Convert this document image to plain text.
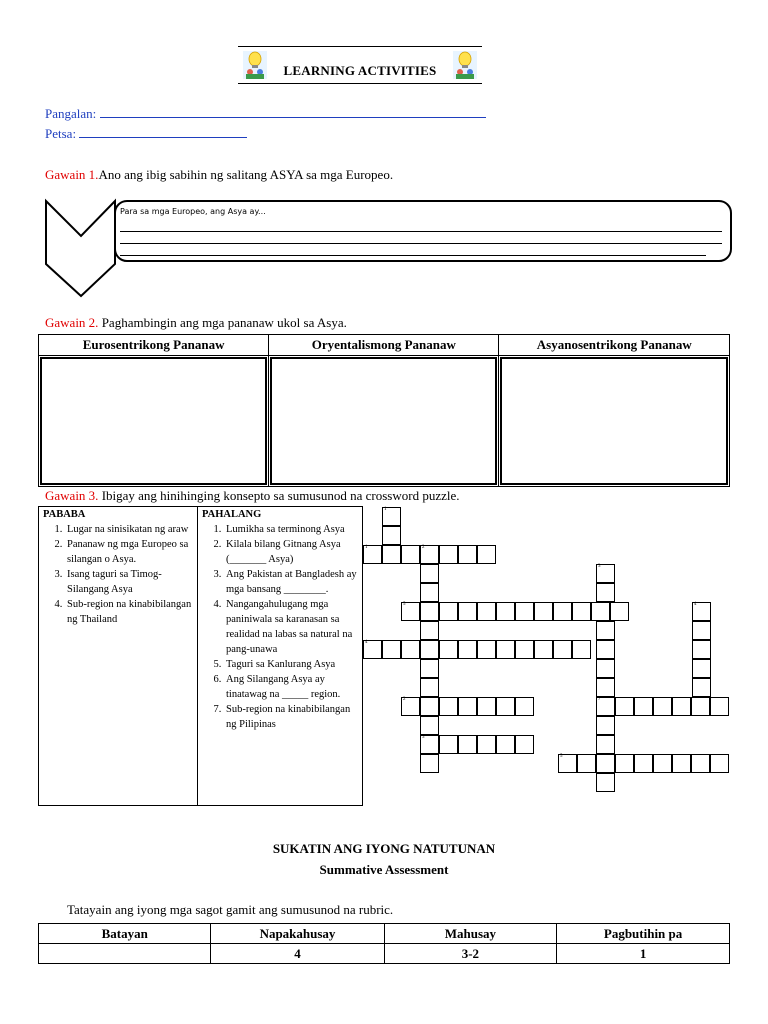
LEARNING ACTIVITIES
Pangalan:
Petsa:
Gawain 1.Ano ang ibig sabihin ng salitang ASYA sa mga Europeo.
Para sa mga Europeo, ang Asya ay...
Gawain 2. Paghambingin ang mga pananaw ukol sa Asya.
Eurosentrikong Pananaw	Oryentalismong Pananaw	Asyanosentrikong Pananaw

Gawain 3. Ibigay ang hinihinging konsepto sa sumusunod na crossword puzzle.
PABABA
1. Lugar na sinisikatan ng araw
2. Pananaw ng mga Europeo sa silangan o Asya.
3. Isang taguri sa Timog-Silangang Asya
4. Sub-region na kinabibilangan ng Thailand

PAHALANG
1. Lumikha sa terminong Asya
2. Kilala bilang Gitnang Asya (_______ Asya)
3. Ang Pakistan at Bangladesh ay mga bansang ________.
4. Nangangahulugang mga paniniwala sa karanasan sa realidad na labas sa natural na pang-unawa
5. Taguri sa Kanlurang Asya
6. Ang Silangang Asya ay tinatawag na _____ region.
7. Sub-region na kinabibilangan ng Pilipinas
1
2
3
3
7
4
1
5
4
2
5
SUKATIN ANG IYONG NATUTUNAN
Summative Assessment
Tatayain ang iyong mga sagot gamit ang sumusunod na rubric.
Batayan	Napakahusay	Mahusay	Pagbutihin pa
	4	3-2	1
